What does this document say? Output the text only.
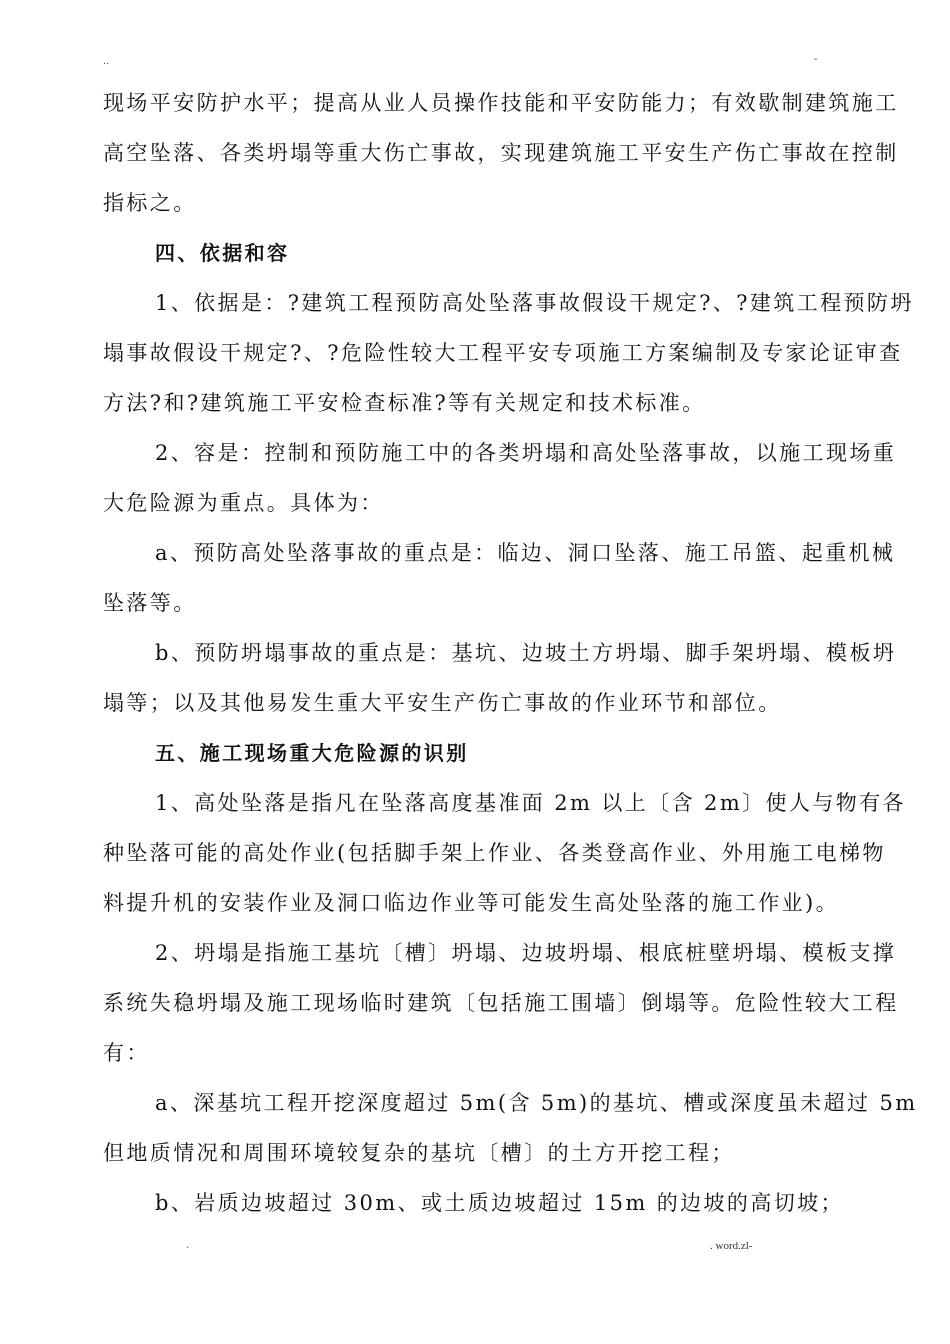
..	-

现场平安防护水平；提高从业人员操作技能和平安防能力；有效歇制建筑施工

高空坠落、各类坍塌等重大伤亡事故，实现建筑施工平安生产伤亡事故在控制

指标之。

四、依据和容

1、依据是：?建筑工程预防高处坠落事故假设干规定?、?建筑工程预防坍

塌事故假设干规定?、?危险性较大工程平安专项施工方案编制及专家论证审查

方法?和?建筑施工平安检查标准?等有关规定和技术标准。

2、容是：控制和预防施工中的各类坍塌和高处坠落事故，以施工现场重

大危险源为重点。具体为：

a、预防高处坠落事故的重点是：临边、洞口坠落、施工吊篮、起重机械

坠落等。

b、预防坍塌事故的重点是：基坑、边坡土方坍塌、脚手架坍塌、模板坍

塌等；以及其他易发生重大平安生产伤亡事故的作业环节和部位。

五、施工现场重大危险源的识别

1、高处坠落是指凡在坠落高度基准面 2m 以上〔含 2m〕使人与物有各

种坠落可能的高处作业(包括脚手架上作业、各类登高作业、外用施工电梯物

料提升机的安装作业及洞口临边作业等可能发生高处坠落的施工作业)。

2、坍塌是指施工基坑〔槽〕坍塌、边坡坍塌、根底桩壁坍塌、模板支撑

系统失稳坍塌及施工现场临时建筑〔包括施工围墙〕倒塌等。危险性较大工程

有：

a、深基坑工程开挖深度超过 5m(含 5m)的基坑、槽或深度虽未超过 5m

但地质情况和周围环境较复杂的基坑〔槽〕的土方开挖工程；

b、岩质边坡超过 30m、或土质边坡超过 15m 的边坡的高切坡；

.	. word.zl-
